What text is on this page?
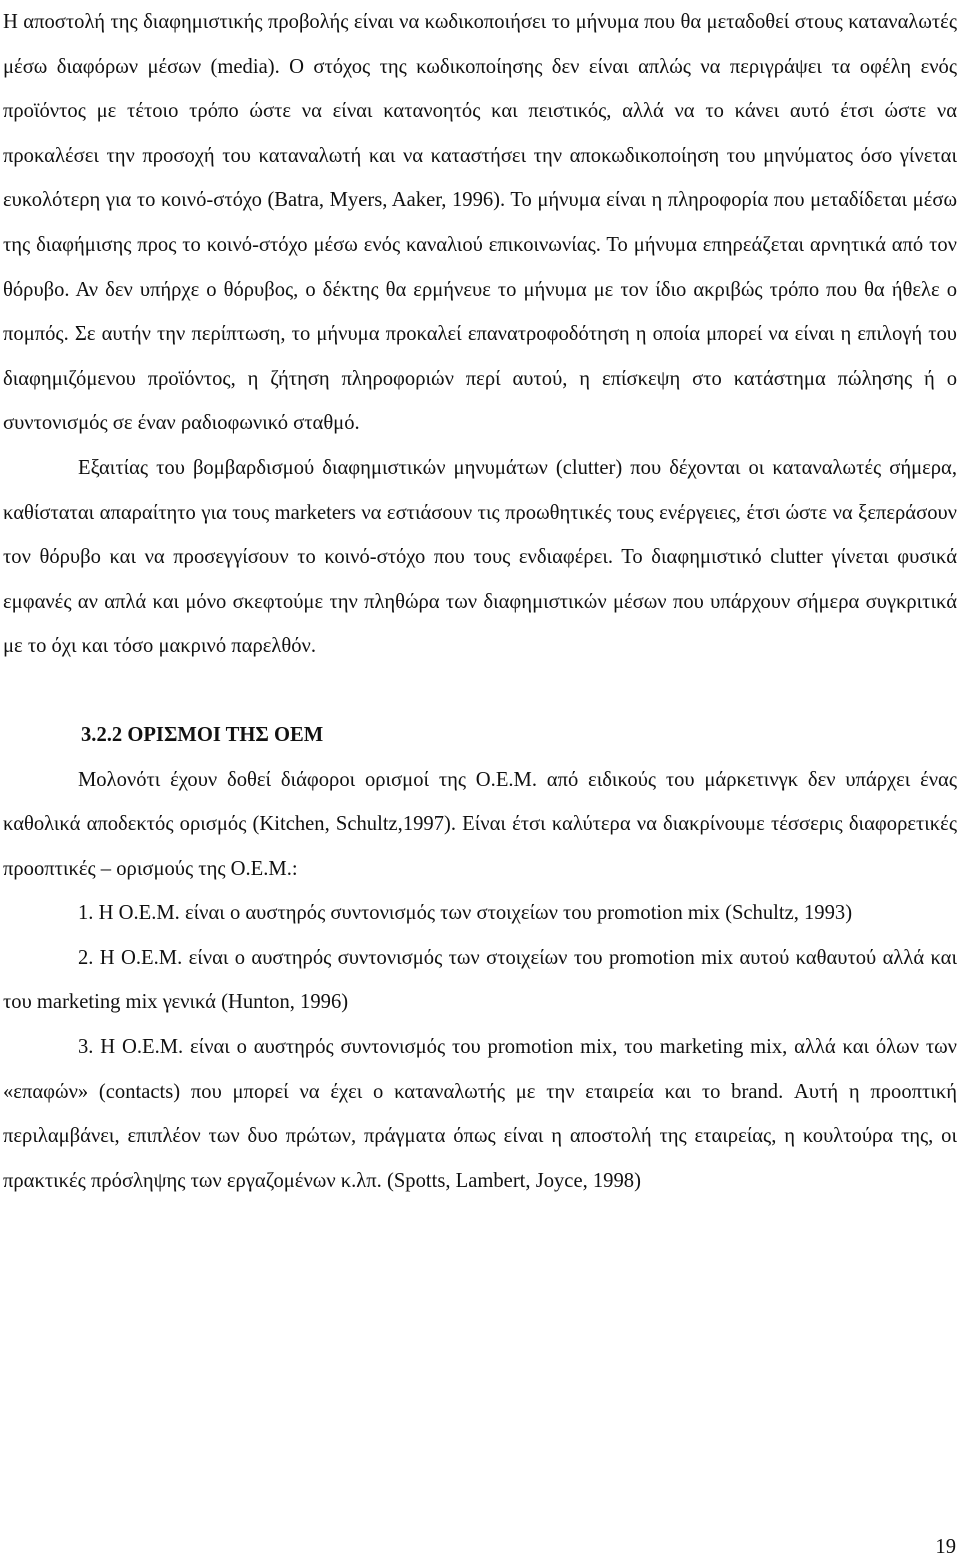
Η αποστολή της διαφημιστικής προβολής είναι να κωδικοποιήσει το μήνυμα που θα μεταδοθεί στους καταναλωτές μέσω διαφόρων μέσων (media). Ο στόχος της κωδικοποίησης δεν είναι απλώς να περιγράψει τα οφέλη ενός προϊόντος με τέτοιο τρόπο ώστε να είναι κατανοητός και πειστικός, αλλά να το κάνει αυτό έτσι ώστε να προκαλέσει την προσοχή του καταναλωτή και να καταστήσει την αποκωδικοποίηση του μηνύματος όσο γίνεται ευκολότερη για το κοινό-στόχο (Batra, Myers, Aaker, 1996). Το μήνυμα είναι η πληροφορία που μεταδίδεται μέσω της διαφήμισης προς το κοινό-στόχο μέσω ενός καναλιού επικοινωνίας. Το μήνυμα επηρεάζεται αρνητικά από τον θόρυβο. Αν δεν υπήρχε ο θόρυβος, ο δέκτης θα ερμήνευε το μήνυμα με τον ίδιο ακριβώς τρόπο που θα ήθελε ο πομπός. Σε αυτήν την περίπτωση, το μήνυμα προκαλεί επανατροφοδότηση η οποία μπορεί να είναι η επιλογή του διαφημιζόμενου προϊόντος, η ζήτηση πληροφοριών περί αυτού, η επίσκεψη στο κατάστημα πώλησης ή ο συντονισμός σε έναν ραδιοφωνικό σταθμό.

Εξαιτίας του βομβαρδισμού διαφημιστικών μηνυμάτων (clutter) που δέχονται οι καταναλωτές σήμερα, καθίσταται απαραίτητο για τους marketers να εστιάσουν τις προωθητικές τους ενέργειες, έτσι ώστε να ξεπεράσουν τον θόρυβο και να προσεγγίσουν το κοινό-στόχο που τους ενδιαφέρει. Το διαφημιστικό clutter γίνεται φυσικά εμφανές αν απλά και μόνο σκεφτούμε την πληθώρα των διαφημιστικών μέσων που υπάρχουν σήμερα συγκριτικά με το όχι και τόσο μακρινό παρελθόν.

3.2.2 ΟΡΙΣΜΟΙ ΤΗΣ ΟΕΜ

Μολονότι έχουν δοθεί διάφοροι ορισμοί της Ο.Ε.Μ. από ειδικούς του μάρκετινγκ δεν υπάρχει ένας καθολικά αποδεκτός ορισμός (Kitchen, Schultz,1997). Είναι έτσι καλύτερα να διακρίνουμε τέσσερις διαφορετικές προοπτικές – ορισμούς της Ο.Ε.Μ.:

1. Η Ο.Ε.Μ. είναι ο αυστηρός συντονισμός των στοιχείων του promotion mix (Schultz, 1993)

2. Η Ο.Ε.Μ. είναι ο αυστηρός συντονισμός των στοιχείων του promotion mix αυτού καθαυτού αλλά και του marketing mix γενικά (Hunton, 1996)

3. Η Ο.Ε.Μ. είναι ο αυστηρός συντονισμός του promotion mix, του marketing mix, αλλά και όλων των «επαφών» (contacts) που μπορεί να έχει ο καταναλωτής με την εταιρεία και το brand. Αυτή η προοπτική περιλαμβάνει, επιπλέον των δυο πρώτων, πράγματα όπως είναι η αποστολή της εταιρείας, η κουλτούρα της, οι πρακτικές πρόσληψης των εργαζομένων κ.λπ. (Spotts, Lambert, Joyce, 1998)

19
